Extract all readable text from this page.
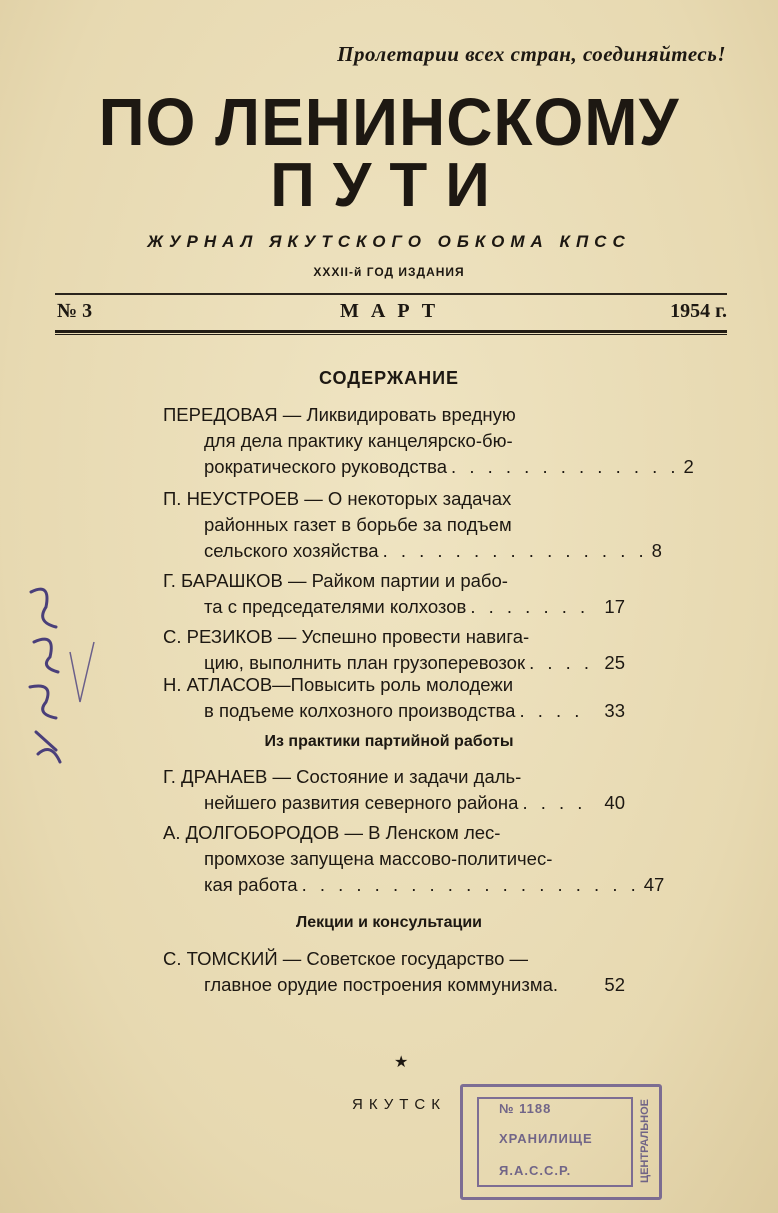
Пролетарии всех стран, соединяйтесь!
ПО ЛЕНИНСКОМУ
ПУТИ
ЖУРНАЛ ЯКУТСКОГО ОБКОМА КПСС
XXXII-й ГОД ИЗДАНИЯ
№ 3	МАРТ	1954 г.
СОДЕРЖАНИЕ
ПЕРЕДОВАЯ — Ликвидировать вредную
для дела практику канцелярско-бю-
рократического руководства . . . . . . . . . . . . . 2
П. НЕУСТРОЕВ — О некоторых задачах
районных газет в борьбе за подъем
сельского хозяйства . . . . . . . . . . . . . . . 8
Г. БАРАШКОВ — Райком партии и рабо-
та с председателями колхозов . . . . . . . 17
С. РЕЗИКОВ — Успешно провести навига-
цию, выполнить план грузоперевозок . . . . 25
Н. АТЛАСОВ—Повысить роль молодежи
в подъеме колхозного производства . . . .	33
Из практики партийной работы
Г. ДРАНАЕВ — Состояние и задачи даль-
нейшего развития северного района . . . . 40
А. ДОЛГОБОРОДОВ — В Ленском лес-
промхозе запущена массово-политичес-
кая работа . . . . . . . . . . . . . . . . . . . 47
Лекции и консультации
С. ТОМСКИЙ — Советское государство —
главное орудие построения коммунизма.	52
★
ЯКУТСК	№ 1188
ХРАНИЛИЩЕ
Я.А.С.С.Р.	ЦЕНТРАЛЬНОЕ
